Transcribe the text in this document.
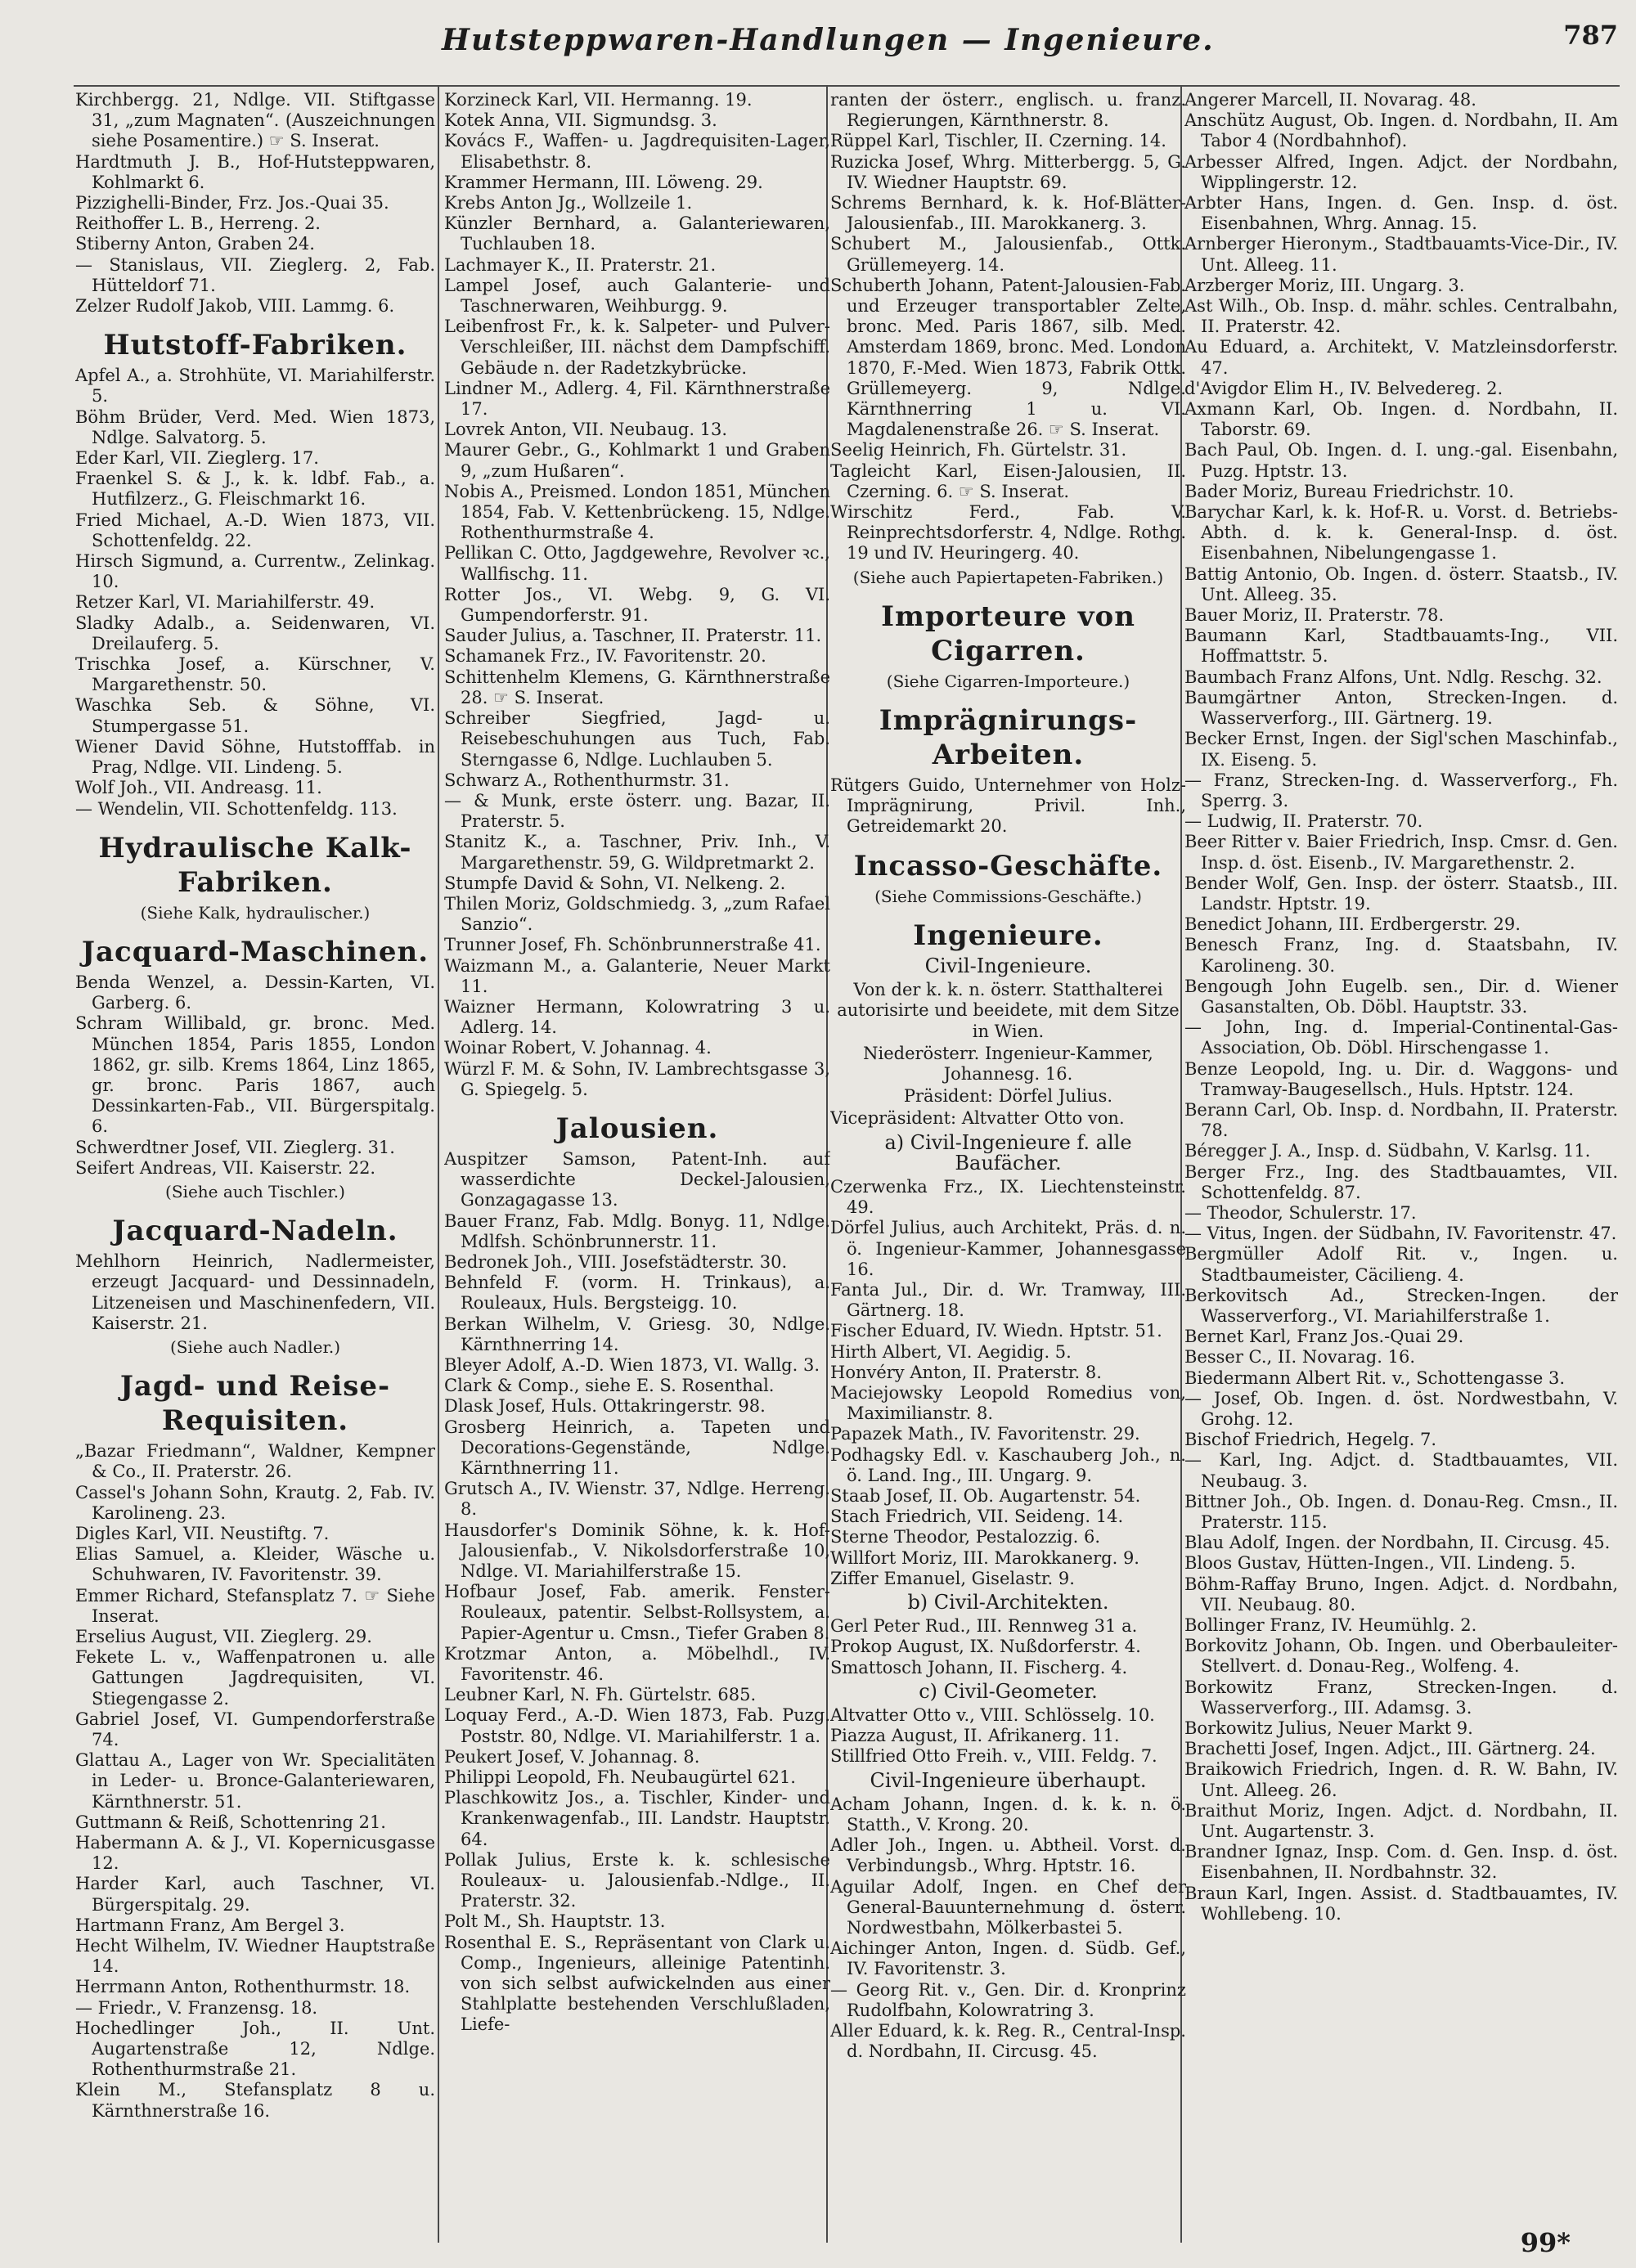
Hutsteppwaren-Handlungen — Ingenieure.	787
Kirchbergg. 21, Ndlge. VII. Stiftgasse 31, „zum Magnaten“. (Auszeichnungen siehe Posamentire.) ☞ S. Inserat.
Hardtmuth J. B., Hof-Hutsteppwaren, Kohlmarkt 6.
Pizzighelli-Binder, Frz. Jos.-Quai 35.
Reithoffer L. B., Herreng. 2.
Stiberny Anton, Graben 24.
— Stanislaus, VII. Zieglerg. 2, Fab. Hütteldorf 71.
Zelzer Rudolf Jakob, VIII. Lammg. 6.
Hutstoff-Fabriken.
Apfel A., a. Strohhüte, VI. Mariahilferstr. 5.
Böhm Brüder, Verd. Med. Wien 1873, Ndlge. Salvatorg. 5.
Eder Karl, VII. Zieglerg. 17.
Fraenkel S. & J., k. k. ldbf. Fab., a. Hutfilzerz., G. Fleischmarkt 16.
Fried Michael, A.-D. Wien 1873, VII. Schottenfeldg. 22.
Hirsch Sigmund, a. Currentw., Zelinkag. 10.
Retzer Karl, VI. Mariahilferstr. 49.
Sladky Adalb., a. Seidenwaren, VI. Dreilauferg. 5.
Trischka Josef, a. Kürschner, V. Margarethenstr. 50.
Waschka Seb. & Söhne, VI. Stumpergasse 51.
Wiener David Söhne, Hutstofffab. in Prag, Ndlge. VII. Lindeng. 5.
Wolf Joh., VII. Andreasg. 11.
— Wendelin, VII. Schottenfeldg. 113.
Hydraulische Kalk-Fabriken.
(Siehe Kalk, hydraulischer.)
Jacquard-Maschinen.
Benda Wenzel, a. Dessin-Karten, VI. Garberg. 6.
Schram Willibald, gr. bronc. Med. München 1854, Paris 1855, London 1862, gr. silb. Krems 1864, Linz 1865, gr. bronc. Paris 1867, auch Dessinkarten-Fab., VII. Bürgerspitalg. 6.
Schwerdtner Josef, VII. Zieglerg. 31.
Seifert Andreas, VII. Kaiserstr. 22.
(Siehe auch Tischler.)
Jacquard-Nadeln.
Mehlhorn Heinrich, Nadlermeister, erzeugt Jacquard- und Dessinnadeln, Litzeneisen und Maschinenfedern, VII. Kaiserstr. 21.
(Siehe auch Nadler.)
Jagd- und Reise-Requisiten.
„Bazar Friedmann“, Waldner, Kempner & Co., II. Praterstr. 26.
Cassel's Johann Sohn, Krautg. 2, Fab. IV. Karolineng. 23.
Digles Karl, VII. Neustiftg. 7.
Elias Samuel, a. Kleider, Wäsche u. Schuhwaren, IV. Favoritenstr. 39.
Emmer Richard, Stefansplatz 7. ☞ Siehe Inserat.
Erselius August, VII. Zieglerg. 29.
Fekete L. v., Waffenpatronen u. alle Gattungen Jagdrequisiten, VI. Stiegengasse 2.
Gabriel Josef, VI. Gumpendorferstraße 74.
Glattau A., Lager von Wr. Specialitäten in Leder- u. Bronce-Galanteriewaren, Kärnthnerstr. 51.
Guttmann & Reiß, Schottenring 21.
Habermann A. & J., VI. Kopernicusgasse 12.
Harder Karl, auch Taschner, VI. Bürgerspitalg. 29.
Hartmann Franz, Am Bergel 3.
Hecht Wilhelm, IV. Wiedner Hauptstraße 14.
Herrmann Anton, Rothenthurmstr. 18.
— Friedr., V. Franzensg. 18.
Hochedlinger Joh., II. Unt. Augartenstraße 12, Ndlge. Rothenthurmstraße 21.
Klein M., Stefansplatz 8 u. Kärnthnerstraße 16.
Korzineck Karl, VII. Hermanng. 19.
Kotek Anna, VII. Sigmundsg. 3.
Kovács F., Waffen- u. Jagdrequisiten-Lager, Elisabethstr. 8.
Krammer Hermann, III. Löweng. 29.
Krebs Anton Jg., Wollzeile 1.
Künzler Bernhard, a. Galanteriewaren, Tuchlauben 18.
Lachmayer K., II. Praterstr. 21.
Lampel Josef, auch Galanterie- und Taschnerwaren, Weihburgg. 9.
Leibenfrost Fr., k. k. Salpeter- und Pulver-Verschleißer, III. nächst dem Dampfschiff. Gebäude n. der Radetzkybrücke.
Lindner M., Adlerg. 4, Fil. Kärnthnerstraße 17.
Lovrek Anton, VII. Neubaug. 13.
Maurer Gebr., G., Kohlmarkt 1 und Graben 9, „zum Hußaren“.
Nobis A., Preismed. London 1851, München 1854, Fab. V. Kettenbrückeng. 15, Ndlge. Rothenthurmstraße 4.
Pellikan C. Otto, Jagdgewehre, Revolver ꝛc., Wallfischg. 11.
Rotter Jos., VI. Webg. 9, G. VI. Gumpendorferstr. 91.
Sauder Julius, a. Taschner, II. Praterstr. 11.
Schamanek Frz., IV. Favoritenstr. 20.
Schittenhelm Klemens, G. Kärnthnerstraße 28. ☞ S. Inserat.
Schreiber Siegfried, Jagd- u. Reisebeschuhungen aus Tuch, Fab. Sterngasse 6, Ndlge. Luchlauben 5.
Schwarz A., Rothenthurmstr. 31.
— & Munk, erste österr. ung. Bazar, II. Praterstr. 5.
Stanitz K., a. Taschner, Priv. Inh., V. Margarethenstr. 59, G. Wildpretmarkt 2.
Stumpfe David & Sohn, VI. Nelkeng. 2.
Thilen Moriz, Goldschmiedg. 3, „zum Rafael Sanzio“.
Trunner Josef, Fh. Schönbrunnerstraße 41.
Waizmann M., a. Galanterie, Neuer Markt 11.
Waizner Hermann, Kolowratring 3 u. Adlerg. 14.
Woinar Robert, V. Johannag. 4.
Würzl F. M. & Sohn, IV. Lambrechtsgasse 3, G. Spiegelg. 5.
Jalousien.
Auspitzer Samson, Patent-Inh. auf wasserdichte Deckel-Jalousien, Gonzagagasse 13.
Bauer Franz, Fab. Mdlg. Bonyg. 11, Ndlge. Mdlfsh. Schönbrunnerstr. 11.
Bedronek Joh., VIII. Josefstädterstr. 30.
Behnfeld F. (vorm. H. Trinkaus), a. Rouleaux, Huls. Bergsteigg. 10.
Berkan Wilhelm, V. Griesg. 30, Ndlge. Kärnthnerring 14.
Bleyer Adolf, A.-D. Wien 1873, VI. Wallg. 3.
Clark & Comp., siehe E. S. Rosenthal.
Dlask Josef, Huls. Ottakringerstr. 98.
Grosberg Heinrich, a. Tapeten und Decorations-Gegenstände, Ndlge. Kärnthnerring 11.
Grutsch A., IV. Wienstr. 37, Ndlge. Herreng. 8.
Hausdorfer's Dominik Söhne, k. k. Hof-Jalousienfab., V. Nikolsdorferstraße 10, Ndlge. VI. Mariahilferstraße 15.
Hofbaur Josef, Fab. amerik. Fenster-Rouleaux, patentir. Selbst-Rollsystem, a. Papier-Agentur u. Cmsn., Tiefer Graben 8.
Krotzmar Anton, a. Möbelhdl., IV. Favoritenstr. 46.
Leubner Karl, N. Fh. Gürtelstr. 685.
Loquay Ferd., A.-D. Wien 1873, Fab. Puzg. Poststr. 80, Ndlge. VI. Mariahilferstr. 1 a.
Peukert Josef, V. Johannag. 8.
Philippi Leopold, Fh. Neubaugürtel 621.
Plaschkowitz Jos., a. Tischler, Kinder- und Krankenwagenfab., III. Landstr. Hauptstr. 64.
Pollak Julius, Erste k. k. schlesische Rouleaux- u. Jalousienfab.-Ndlge., II. Praterstr. 32.
Polt M., Sh. Hauptstr. 13.
Rosenthal E. S., Repräsentant von Clark u. Comp., Ingenieurs, alleinige Patentinh. von sich selbst aufwickelnden aus einer Stahlplatte bestehenden Verschlußladen, Liefe-
ranten der österr., englisch. u. franz. Regierungen, Kärnthnerstr. 8.
Rüppel Karl, Tischler, II. Czerning. 14.
Ruzicka Josef, Whrg. Mitterbergg. 5, G. IV. Wiedner Hauptstr. 69.
Schrems Bernhard, k. k. Hof-Blätter-Jalousienfab., III. Marokkanerg. 3.
Schubert M., Jalousienfab., Ottk. Grüllemeyerg. 14.
Schuberth Johann, Patent-Jalousien-Fab. und Erzeuger transportabler Zelte, bronc. Med. Paris 1867, silb. Med. Amsterdam 1869, bronc. Med. London 1870, F.-Med. Wien 1873, Fabrik Ottk. Grüllemeyerg. 9, Ndlge. Kärnthnerring 1 u. VI. Magdalenenstraße 26. ☞ S. Inserat.
Seelig Heinrich, Fh. Gürtelstr. 31.
Tagleicht Karl, Eisen-Jalousien, II. Czerning. 6. ☞ S. Inserat.
Wirschitz Ferd., Fab. V. Reinprechtsdorferstr. 4, Ndlge. Rothg. 19 und IV. Heuringerg. 40.
(Siehe auch Papiertapeten-Fabriken.)
Importeure von Cigarren.
(Siehe Cigarren-Importeure.)
Imprägnirungs-Arbeiten.
Rütgers Guido, Unternehmer von Holz-Imprägnirung, Privil. Inh., Getreidemarkt 20.
Incasso-Geschäfte.
(Siehe Commissions-Geschäfte.)
Ingenieure.
Civil-Ingenieure.
Von der k. k. n. österr. Statthalterei autorisirte und beeidete, mit dem Sitze in Wien.
Niederösterr. Ingenieur-Kammer, Johannesg. 16.
Präsident: Dörfel Julius.
Vicepräsident: Altvatter Otto von.
a) Civil-Ingenieure f. alle Baufächer.
Czerwenka Frz., IX. Liechtensteinstr. 49.
Dörfel Julius, auch Architekt, Präs. d. n. ö. Ingenieur-Kammer, Johannesgasse 16.
Fanta Jul., Dir. d. Wr. Tramway, III. Gärtnerg. 18.
Fischer Eduard, IV. Wiedn. Hptstr. 51.
Hirth Albert, VI. Aegidig. 5.
Honvéry Anton, II. Praterstr. 8.
Maciejowsky Leopold Romedius von, Maximilianstr. 8.
Papazek Math., IV. Favoritenstr. 29.
Podhagsky Edl. v. Kaschauberg Joh., n. ö. Land. Ing., III. Ungarg. 9.
Staab Josef, II. Ob. Augartenstr. 54.
Stach Friedrich, VII. Seideng. 14.
Sterne Theodor, Pestalozzig. 6.
Willfort Moriz, III. Marokkanerg. 9.
Ziffer Emanuel, Giselastr. 9.
b) Civil-Architekten.
Gerl Peter Rud., III. Rennweg 31 a.
Prokop August, IX. Nußdorferstr. 4.
Smattosch Johann, II. Fischerg. 4.
c) Civil-Geometer.
Altvatter Otto v., VIII. Schlösselg. 10.
Piazza August, II. Afrikanerg. 11.
Stillfried Otto Freih. v., VIII. Feldg. 7.
Civil-Ingenieure überhaupt.
Acham Johann, Ingen. d. k. k. n. ö. Statth., V. Krong. 20.
Adler Joh., Ingen. u. Abtheil. Vorst. d. Verbindungsb., Whrg. Hptstr. 16.
Aguilar Adolf, Ingen. en Chef der General-Bauunternehmung d. österr. Nordwestbahn, Mölkerbastei 5.
Aichinger Anton, Ingen. d. Südb. Gef., IV. Favoritenstr. 3.
— Georg Rit. v., Gen. Dir. d. Kronprinz Rudolfbahn, Kolowratring 3.
Aller Eduard, k. k. Reg. R., Central-Insp. d. Nordbahn, II. Circusg. 45.
Angerer Marcell, II. Novarag. 48.
Anschütz August, Ob. Ingen. d. Nordbahn, II. Am Tabor 4 (Nordbahnhof).
Arbesser Alfred, Ingen. Adjct. der Nordbahn, Wipplingerstr. 12.
Arbter Hans, Ingen. d. Gen. Insp. d. öst. Eisenbahnen, Whrg. Annag. 15.
Arnberger Hieronym., Stadtbauamts-Vice-Dir., IV. Unt. Alleeg. 11.
Arzberger Moriz, III. Ungarg. 3.
Ast Wilh., Ob. Insp. d. mähr. schles. Centralbahn, II. Praterstr. 42.
Au Eduard, a. Architekt, V. Matzleinsdorferstr. 47.
d'Avigdor Elim H., IV. Belvedereg. 2.
Axmann Karl, Ob. Ingen. d. Nordbahn, II. Taborstr. 69.
Bach Paul, Ob. Ingen. d. I. ung.-gal. Eisenbahn, Puzg. Hptstr. 13.
Bader Moriz, Bureau Friedrichstr. 10.
Barychar Karl, k. k. Hof-R. u. Vorst. d. Betriebs-Abth. d. k. k. General-Insp. d. öst. Eisenbahnen, Nibelungengasse 1.
Battig Antonio, Ob. Ingen. d. österr. Staatsb., IV. Unt. Alleeg. 35.
Bauer Moriz, II. Praterstr. 78.
Baumann Karl, Stadtbauamts-Ing., VII. Hoffmattstr. 5.
Baumbach Franz Alfons, Unt. Ndlg. Reschg. 32.
Baumgärtner Anton, Strecken-Ingen. d. Wasserverforg., III. Gärtnerg. 19.
Becker Ernst, Ingen. der Sigl'schen Maschinfab., IX. Eiseng. 5.
— Franz, Strecken-Ing. d. Wasserverforg., Fh. Sperrg. 3.
— Ludwig, II. Praterstr. 70.
Beer Ritter v. Baier Friedrich, Insp. Cmsr. d. Gen. Insp. d. öst. Eisenb., IV. Margarethenstr. 2.
Bender Wolf, Gen. Insp. der österr. Staatsb., III. Landstr. Hptstr. 19.
Benedict Johann, III. Erdbergerstr. 29.
Benesch Franz, Ing. d. Staatsbahn, IV. Karolineng. 30.
Bengough John Eugelb. sen., Dir. d. Wiener Gasanstalten, Ob. Döbl. Hauptstr. 33.
— John, Ing. d. Imperial-Continental-Gas-Association, Ob. Döbl. Hirschengasse 1.
Benze Leopold, Ing. u. Dir. d. Waggons- und Tramway-Baugesellsch., Huls. Hptstr. 124.
Berann Carl, Ob. Insp. d. Nordbahn, II. Praterstr. 78.
Béregger J. A., Insp. d. Südbahn, V. Karlsg. 11.
Berger Frz., Ing. des Stadtbauamtes, VII. Schottenfeldg. 87.
— Theodor, Schulerstr. 17.
— Vitus, Ingen. der Südbahn, IV. Favoritenstr. 47.
Bergmüller Adolf Rit. v., Ingen. u. Stadtbaumeister, Cäcilieng. 4.
Berkovitsch Ad., Strecken-Ingen. der Wasserverforg., VI. Mariahilferstraße 1.
Bernet Karl, Franz Jos.-Quai 29.
Besser C., II. Novarag. 16.
Biedermann Albert Rit. v., Schottengasse 3.
— Josef, Ob. Ingen. d. öst. Nordwestbahn, V. Grohg. 12.
Bischof Friedrich, Hegelg. 7.
— Karl, Ing. Adjct. d. Stadtbauamtes, VII. Neubaug. 3.
Bittner Joh., Ob. Ingen. d. Donau-Reg. Cmsn., II. Praterstr. 115.
Blau Adolf, Ingen. der Nordbahn, II. Circusg. 45.
Bloos Gustav, Hütten-Ingen., VII. Lindeng. 5.
Böhm-Raffay Bruno, Ingen. Adjct. d. Nordbahn, VII. Neubaug. 80.
Bollinger Franz, IV. Heumühlg. 2.
Borkovitz Johann, Ob. Ingen. und Oberbauleiter-Stellvert. d. Donau-Reg., Wolfeng. 4.
Borkowitz Franz, Strecken-Ingen. d. Wasserverforg., III. Adamsg. 3.
Borkowitz Julius, Neuer Markt 9.
Brachetti Josef, Ingen. Adjct., III. Gärtnerg. 24.
Braikowich Friedrich, Ingen. d. R. W. Bahn, IV. Unt. Alleeg. 26.
Braithut Moriz, Ingen. Adjct. d. Nordbahn, II. Unt. Augartenstr. 3.
Brandner Ignaz, Insp. Com. d. Gen. Insp. d. öst. Eisenbahnen, II. Nordbahnstr. 32.
Braun Karl, Ingen. Assist. d. Stadtbauamtes, IV. Wohllebeng. 10.
99*
